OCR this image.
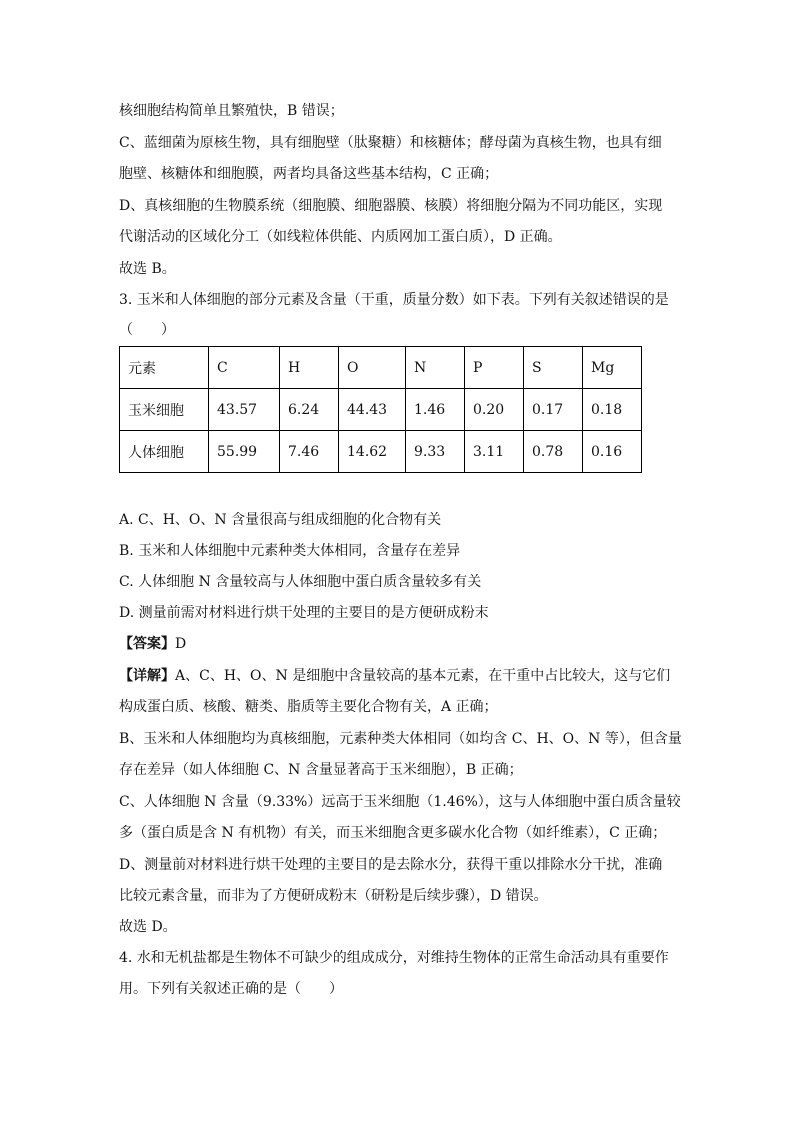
核细胞结构简单且繁殖快，B 错误；
C、蓝细菌为原核生物，具有细胞壁（肽聚糖）和核糖体；酵母菌为真核生物，也具有细
胞壁、核糖体和细胞膜，两者均具备这些基本结构，C 正确；
D、真核细胞的生物膜系统（细胞膜、细胞器膜、核膜）将细胞分隔为不同功能区，实现
代谢活动的区域化分工（如线粒体供能、内质网加工蛋白质），D 正确。
故选 B。
3. 玉米和人体细胞的部分元素及含量（干重，质量分数）如下表。下列有关叙述错误的是
（　　）
元素	C	H	O	N	P	S	Mg
玉米细胞	43.57	6.24	44.43	1.46	0.20	0.17	0.18
人体细胞	55.99	7.46	14.62	9.33	3.11	0.78	0.16
A. C、H、O、N 含量很高与组成细胞的化合物有关
B. 玉米和人体细胞中元素种类大体相同，含量存在差异
C. 人体细胞 N 含量较高与人体细胞中蛋白质含量较多有关
D. 测量前需对材料进行烘干处理的主要目的是方便研成粉末
【答案】D
【详解】A、C、H、O、N 是细胞中含量较高的基本元素，在干重中占比较大，这与它们
构成蛋白质、核酸、糖类、脂质等主要化合物有关，A 正确；
B、玉米和人体细胞均为真核细胞，元素种类大体相同（如均含 C、H、O、N 等），但含量
存在差异（如人体细胞 C、N 含量显著高于玉米细胞），B 正确；
C、人体细胞 N 含量（9.33%）远高于玉米细胞（1.46%），这与人体细胞中蛋白质含量较
多（蛋白质是含 N 有机物）有关，而玉米细胞含更多碳水化合物（如纤维素），C 正确；
D、测量前对材料进行烘干处理的主要目的是去除水分，获得干重以排除水分干扰，准确
比较元素含量，而非为了方便研成粉末（研粉是后续步骤），D 错误。
故选 D。
4. 水和无机盐都是生物体不可缺少的组成成分，对维持生物体的正常生命活动具有重要作
用。下列有关叙述正确的是（　　）
